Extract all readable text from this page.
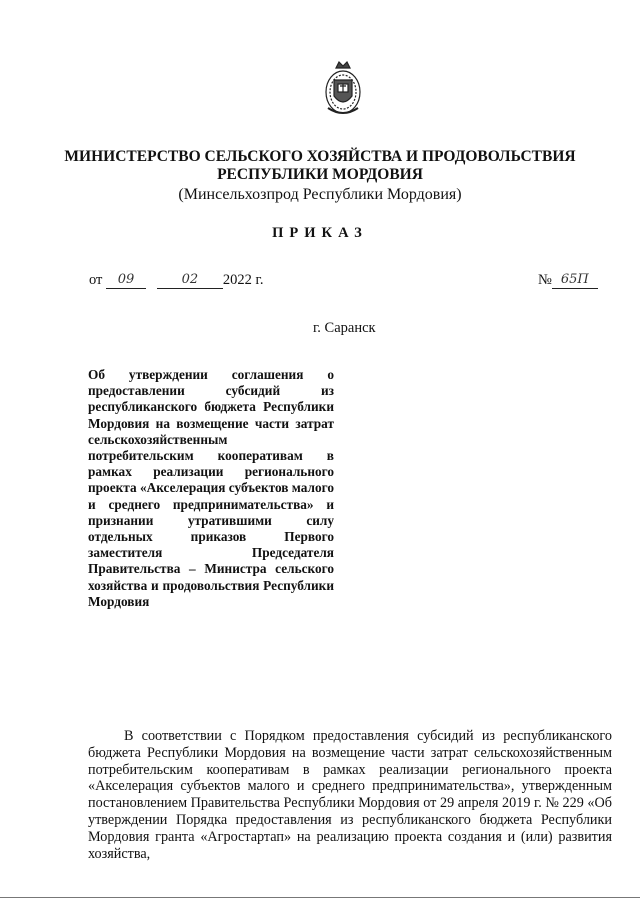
МИНИСТЕРСТВО СЕЛЬСКОГО ХОЗЯЙСТВА И ПРОДОВОЛЬСТВИЯ
РЕСПУБЛИКИ МОРДОВИЯ
(Минсельхозпрод Республики Мордовия)
ПРИКАЗ
от 09	02 2022 г.	№ 65П
г. Саранск
Об утверждении соглашения о предоставлении субсидий из республиканского бюджета Республики Мордовия на возмещение части затрат сельскохозяйственным потребительским кооперативам в рамках реализации регионального проекта «Акселерация субъектов малого и среднего предпринимательства» и признании утратившими силу отдельных приказов Первого заместителя Председателя Правительства – Министра сельского хозяйства и продовольствия Республики Мордовия
В соответствии с Порядком предоставления субсидий из республиканского бюджета Республики Мордовия на возмещение части затрат сельскохозяйственным потребительским кооперативам в рамках реализации регионального проекта «Акселерация субъектов малого и среднего предпринимательства», утвержденным постановлением Правительства Республики Мордовия от 29 апреля 2019 г. № 229 «Об утверждении Порядка предоставления из республиканского бюджета Республики Мордовия гранта «Агростартап» на реализацию проекта создания и (или) развития хозяйства,
